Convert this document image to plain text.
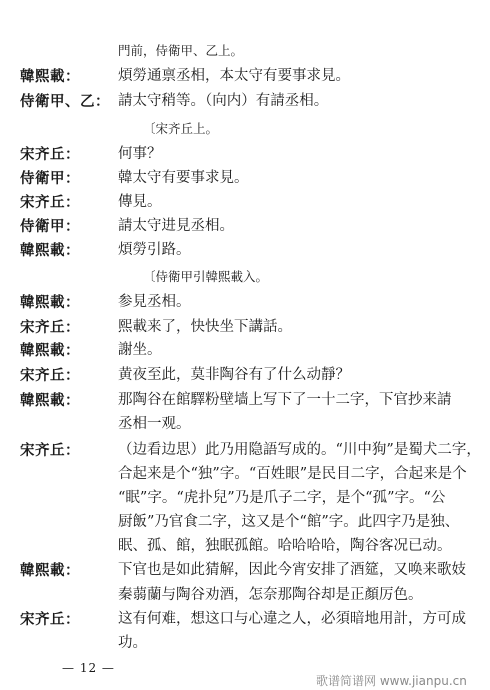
門前，侍衛甲、乙上。
韓熙載：	煩勞通禀丞相，本太守有要事求見。
侍衛甲、乙： 請太守稍等。（向内）有請丞相。
〔宋齐丘上。
宋齐丘：	何事？
侍衛甲：	韓太守有要事求見。
宋齐丘：	傳見。
侍衛甲：	請太守进見丞相。
韓熙載：	煩勞引路。
〔侍衛甲引韓熙載入。
韓熙載：	参見丞相。
宋齐丘：	熙載来了，快快坐下講話。
韓熙載：	謝坐。
宋齐丘：	黄夜至此，莫非陶谷有了什么动靜？
韓熙載：	那陶谷在館驛粉壁墙上写下了一十二字，下官抄来請
丞相一观。
宋齐丘：	（边看边思）此乃用隐語写成的。“川中狗”是蜀犬二字，
合起来是个“独”字。“百姓眼”是民目二字，合起来是个
“眠”字。“虎扑兒”乃是爪子二字，是个“孤”字。“公
厨飯”乃官食二字，这又是个“館”字。此四字乃是独、
眠、孤、館，独眠孤館。哈哈哈哈，陶谷客况已动。
韓熙載：	下官也是如此猜解，因此今宵安排了酒筵，又唤来歌妓
秦蒻蘭与陶谷劝酒，怎奈那陶谷却是正顏厉色。
宋齐丘：	这有何难，想这口与心違之人，必須暗地用計，方可成
功。
— 12 —
歌谱简谱网 www.jianpu.cn
